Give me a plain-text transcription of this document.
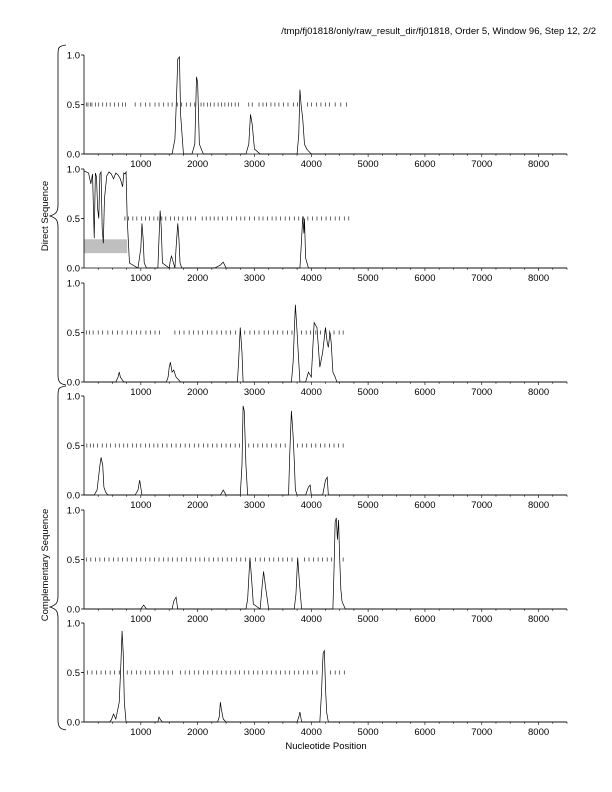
/tmp/fj01818/only/raw_result_dir/fj01818, Order 5, Window 96, Step 12, 2/2
0.0
0.5
1.0
1000	2000	3000	4000	5000	6000	7000	8000
0.0
0.5
1.0
1000	2000	3000	4000	5000	6000	7000	8000
0.0
0.5
1.0
1000	2000	3000	4000	5000	6000	7000	8000
0.0
0.5
1.0
1000	2000	3000	4000	5000	6000	7000	8000
0.0
0.5
1.0
1000	2000	3000	4000	5000	6000	7000	8000
0.0
0.5
1.0
1000	2000	3000	4000	5000	6000	7000	8000
Direct Sequence
Complementary Sequence
Nucleotide Position
